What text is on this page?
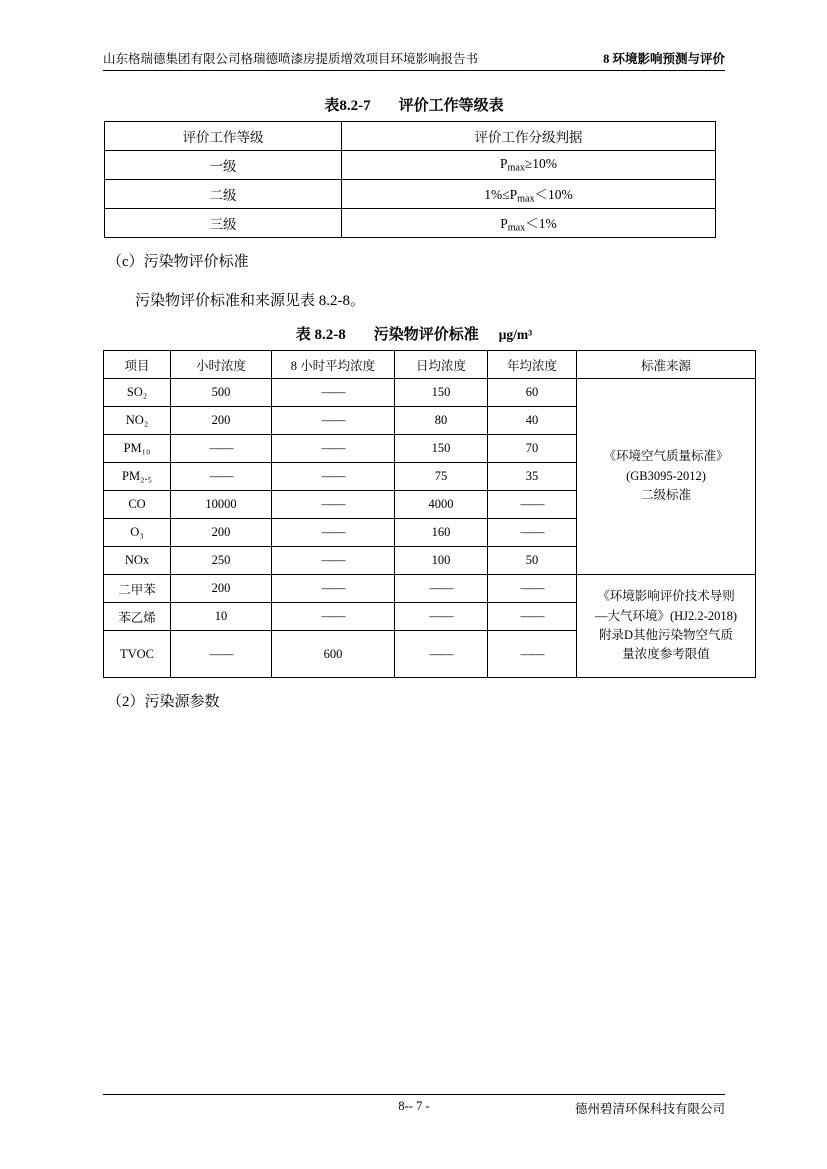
山东格瑞德集团有限公司格瑞德喷漆房提质增效项目环境影响报告书	8 环境影响预测与评价
表8.2-7 评价工作等级表
评价工作等级	评价工作分级判据
一级	$P_{max}\ge 10\%$
二级	$1\%\le P_{max}<10\%$
三级	$P_{max}<1\%$

（c）污染物评价标准

污染物评价标准和来源见表 8.2-8。

表 8.2-8 污染物评价标准 μg/m³
项目	小时浓度	8 小时平均浓度	日均浓度	年均浓度	标准来源
SO₂	500	——	150	60	《环境空气质量标准》
(GB3095-2012)
二级标准

NO₂	200	——	80	40	
PM₁₀	——	——	150	70	
PM₂.₅	——	——	75	35	
CO	10000	——	4000	——	
O₃	200	——	160	——	
NOx	250	——	100	50	
二甲苯	200	——	——	——	《环境影响评价技术导则
—大气环境》(HJ2.2-2018)
附录D其他污染物空气质
量浓度参考限值

苯乙烯	10	——	——	——	
TVOC	——	600	——	——	

（2）污染源参数

8-- 7 -	德州碧清环保科技有限公司
